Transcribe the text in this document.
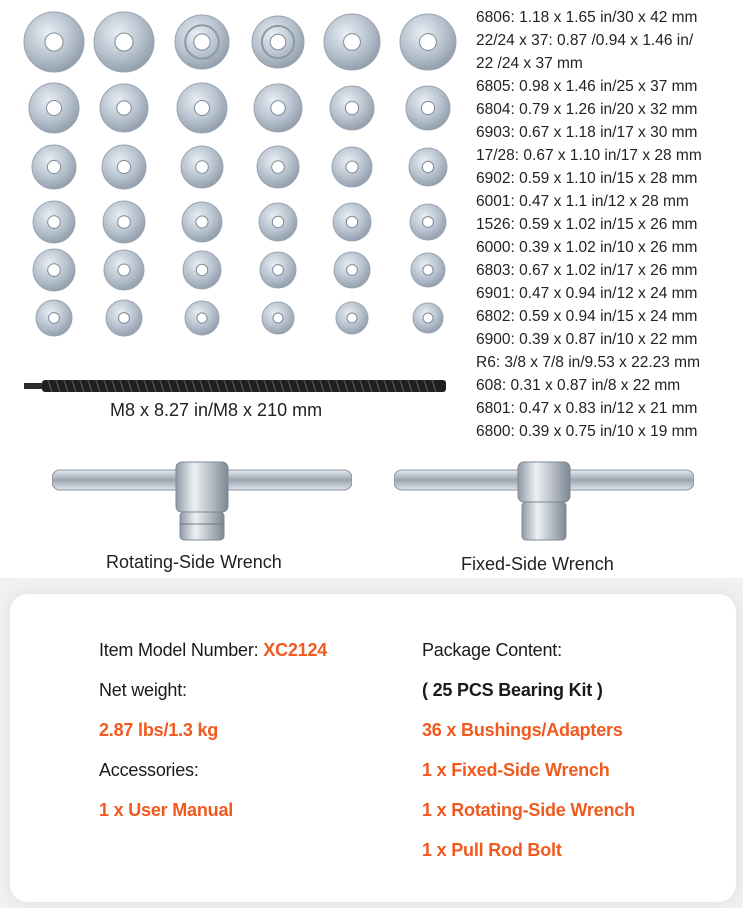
6806: 1.18 x 1.65 in/30 x 42 mm
22/24 x 37: 0.87 /0.94 x 1.46 in/
22 /24 x 37 mm
6805: 0.98 x 1.46 in/25 x 37 mm
6804: 0.79 x 1.26 in/20 x 32 mm
6903: 0.67 x 1.18 in/17 x 30 mm
17/28: 0.67 x 1.10 in/17 x 28 mm
6902: 0.59 x 1.10 in/15 x 28 mm
6001: 0.47 x 1.1 in/12 x 28 mm
1526: 0.59 x 1.02 in/15 x 26 mm
6000: 0.39 x 1.02 in/10 x 26 mm
6803: 0.67 x 1.02 in/17 x 26 mm
6901: 0.47 x 0.94 in/12 x 24 mm
6802: 0.59 x 0.94 in/15 x 24 mm
6900: 0.39 x 0.87 in/10 x 22 mm
R6: 3/8 x 7/8 in/9.53 x 22.23 mm
608: 0.31 x 0.87 in/8 x 22 mm
6801: 0.47 x 0.83 in/12 x 21 mm
6800: 0.39 x 0.75 in/10 x 19 mm
M8 x 8.27 in/M8 x 210 mm
Rotating-Side Wrench	Fixed-Side Wrench
Item Model Number: XC2124
Net weight:
2.87 lbs/1.3 kg
Accessories:
1 x User Manual
Package Content:
( 25 PCS Bearing Kit )
36 x Bushings/Adapters
1 x Fixed-Side Wrench
1 x Rotating-Side Wrench
1 x Pull Rod Bolt
